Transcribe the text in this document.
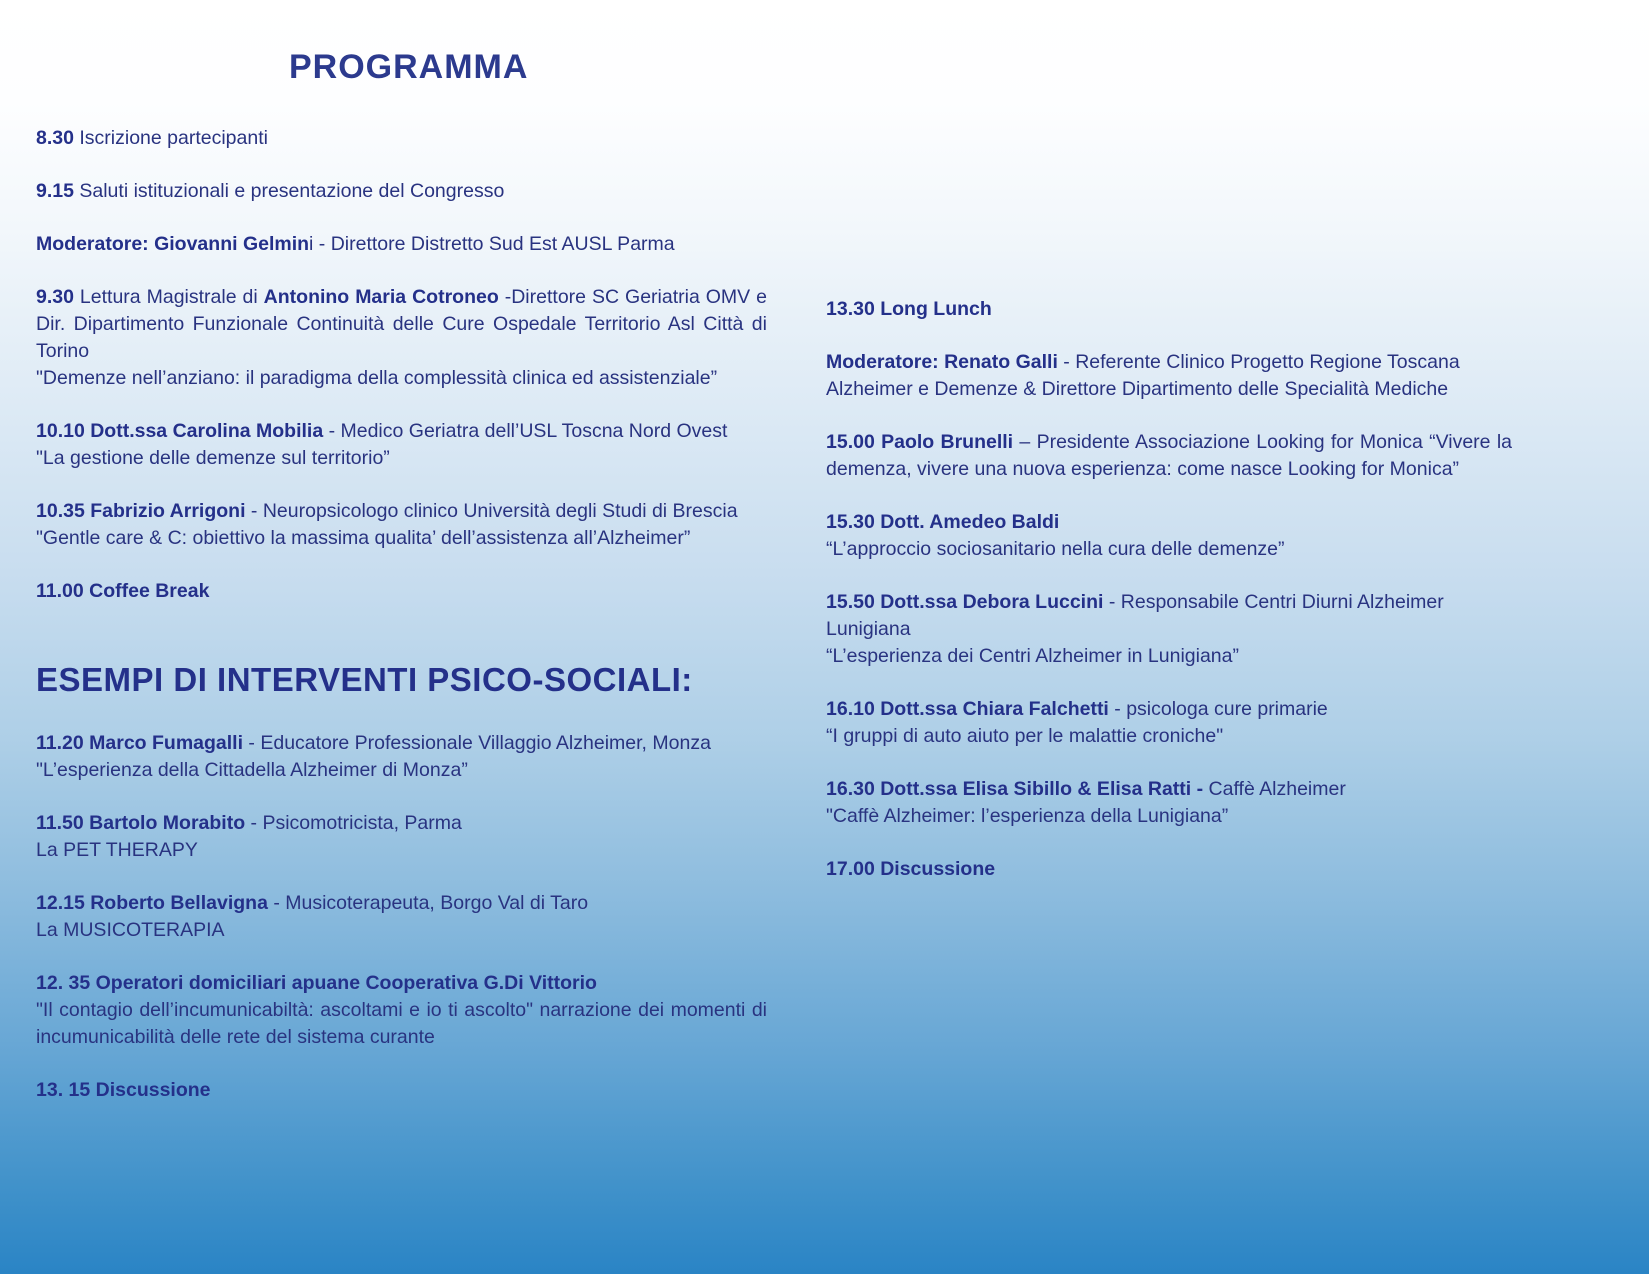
PROGRAMMA

8.30 Iscrizione partecipanti

9.15 Saluti istituzionali e presentazione del Congresso

Moderatore: Giovanni Gelmini - Direttore Distretto Sud Est AUSL Parma

9.30 Lettura Magistrale di Antonino Maria Cotroneo -Direttore SC Geriatria OMV e Dir. Dipartimento Funzionale Continuità delle Cure Ospedale Territorio Asl Città di Torino
"Demenze nell’anziano: il paradigma della complessità clinica ed assistenziale”

10.10 Dott.ssa Carolina Mobilia - Medico Geriatra dell’USL Toscna Nord Ovest
"La gestione delle demenze sul territorio”

10.35 Fabrizio Arrigoni - Neuropsicologo clinico Università degli Studi di Brescia
"Gentle care & C: obiettivo la massima qualita’ dell’assistenza all’Alzheimer”

11.00 Coffee Break

ESEMPI DI INTERVENTI PSICO-SOCIALI:

11.20 Marco Fumagalli - Educatore Professionale Villaggio Alzheimer, Monza
"L’esperienza della Cittadella Alzheimer di Monza”

11.50 Bartolo Morabito - Psicomotricista, Parma
La PET THERAPY

12.15 Roberto Bellavigna - Musicoterapeuta, Borgo Val di Taro
La MUSICOTERAPIA

12. 35 Operatori domiciliari apuane Cooperativa G.Di Vittorio
"Il contagio dell’incumunicabiltà: ascoltami e io ti ascolto" narrazione dei momenti di incumunicabilità delle rete del sistema curante

13. 15 Discussione

13.30 Long Lunch

Moderatore: Renato Galli - Referente Clinico Progetto Regione Toscana Alzheimer e Demenze & Direttore Dipartimento delle Specialità Mediche

15.00 Paolo Brunelli – Presidente Associazione Looking for Monica “Vivere la demenza, vivere una nuova esperienza: come nasce Looking for Monica”

15.30 Dott. Amedeo Baldi
“L’approccio sociosanitario nella cura delle demenze”

15.50 Dott.ssa Debora Luccini - Responsabile Centri Diurni Alzheimer Lunigiana
“L’esperienza dei Centri Alzheimer in Lunigiana”

16.10 Dott.ssa Chiara Falchetti - psicologa cure primarie
“I gruppi di auto aiuto per le malattie croniche"

16.30 Dott.ssa Elisa Sibillo & Elisa Ratti - Caffè Alzheimer
"Caffè Alzheimer: l’esperienza della Lunigiana”

17.00 Discussione
